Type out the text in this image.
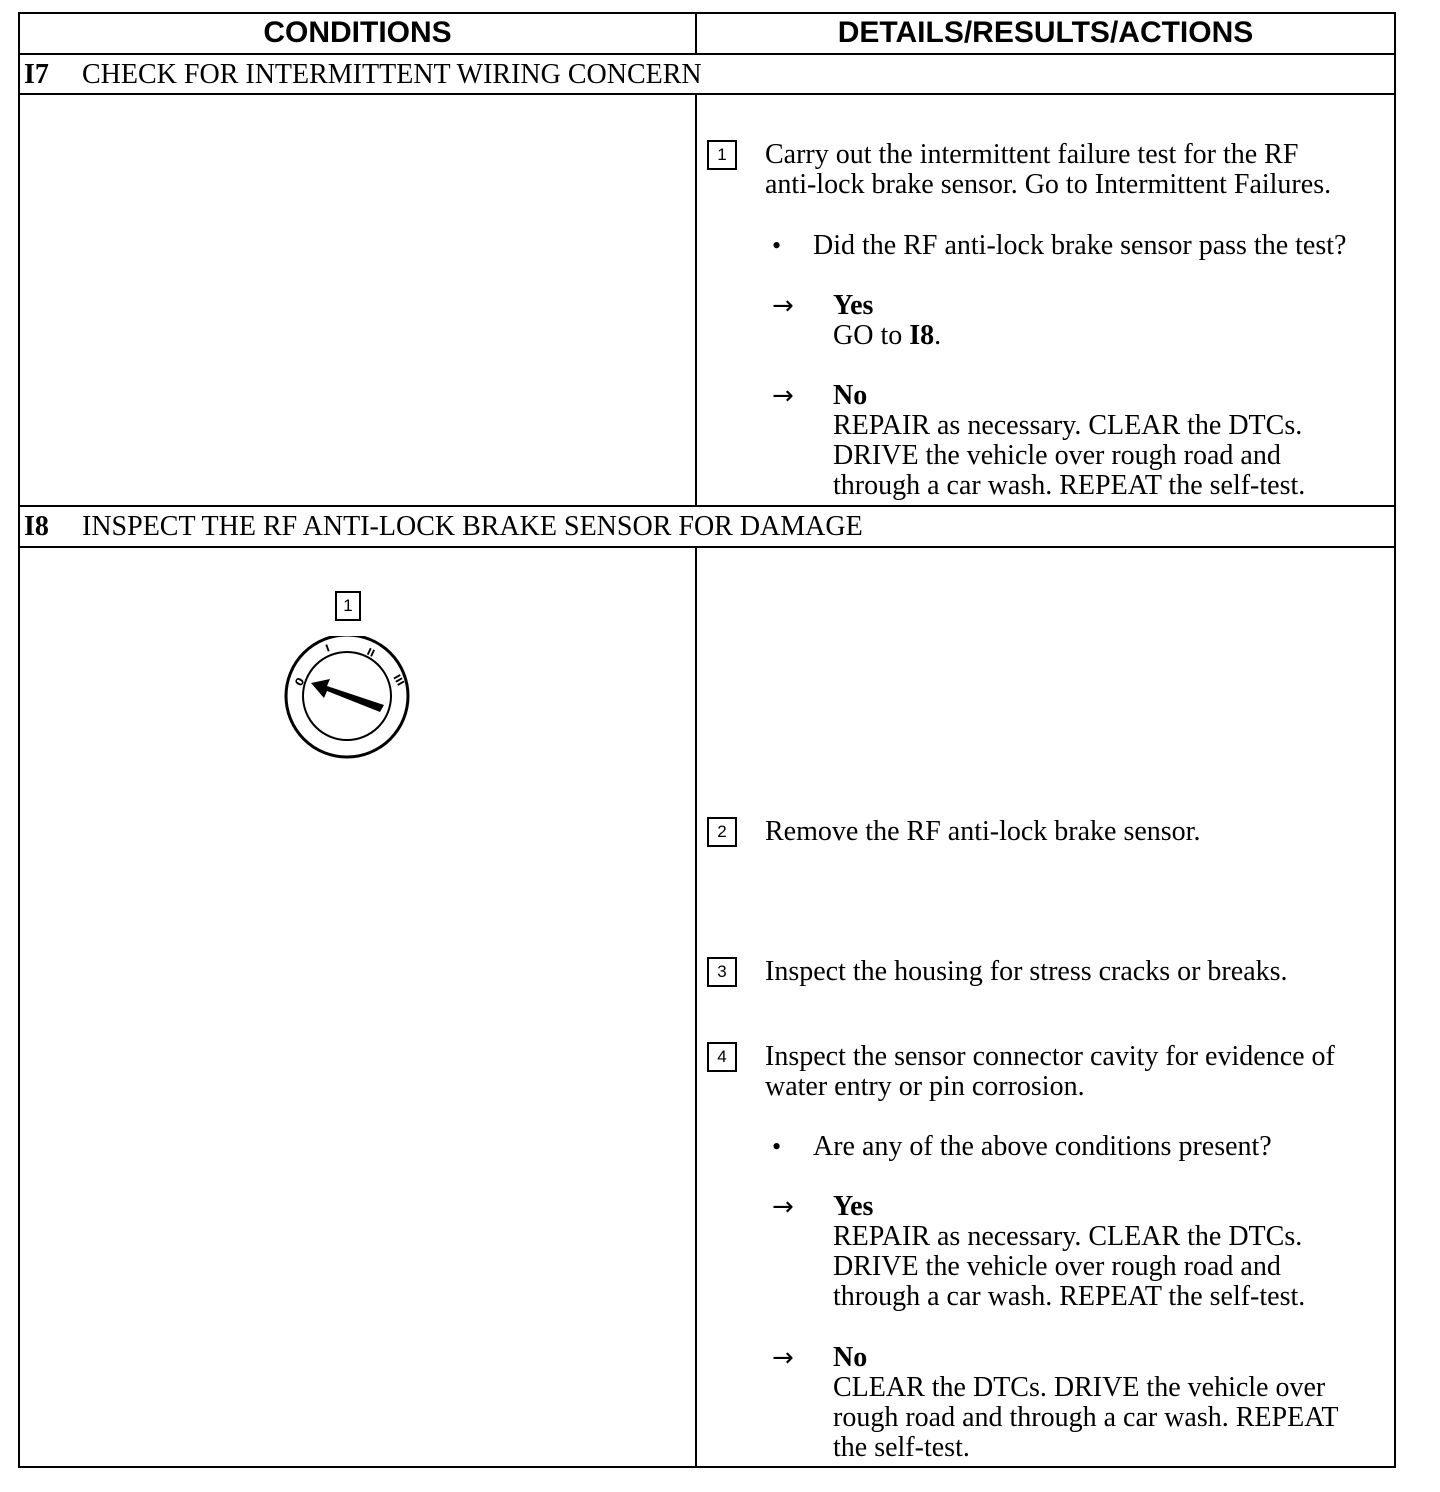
CONDITIONS	DETAILS/RESULTS/ACTIONS
I7 CHECK FOR INTERMITTENT WIRING CONCERN
1	Carry out the intermittent failure test for the RF
anti-lock brake sensor. Go to Intermittent Failures.
• Did the RF anti-lock brake sensor pass the test?
→ Yes
GO to I8.
→ No
REPAIR as necessary. CLEAR the DTCs.
DRIVE the vehicle over rough road and
through a car wash. REPEAT the self-test.
I8 INSPECT THE RF ANTI-LOCK BRAKE SENSOR FOR DAMAGE
1
0
I	II
III
2	Remove the RF anti-lock brake sensor.
3	Inspect the housing for stress cracks or breaks.
4	Inspect the sensor connector cavity for evidence of
water entry or pin corrosion.
• Are any of the above conditions present?
→ Yes
REPAIR as necessary. CLEAR the DTCs.
DRIVE the vehicle over rough road and
through a car wash. REPEAT the self-test.
→ No
CLEAR the DTCs. DRIVE the vehicle over
rough road and through a car wash. REPEAT
the self-test.
